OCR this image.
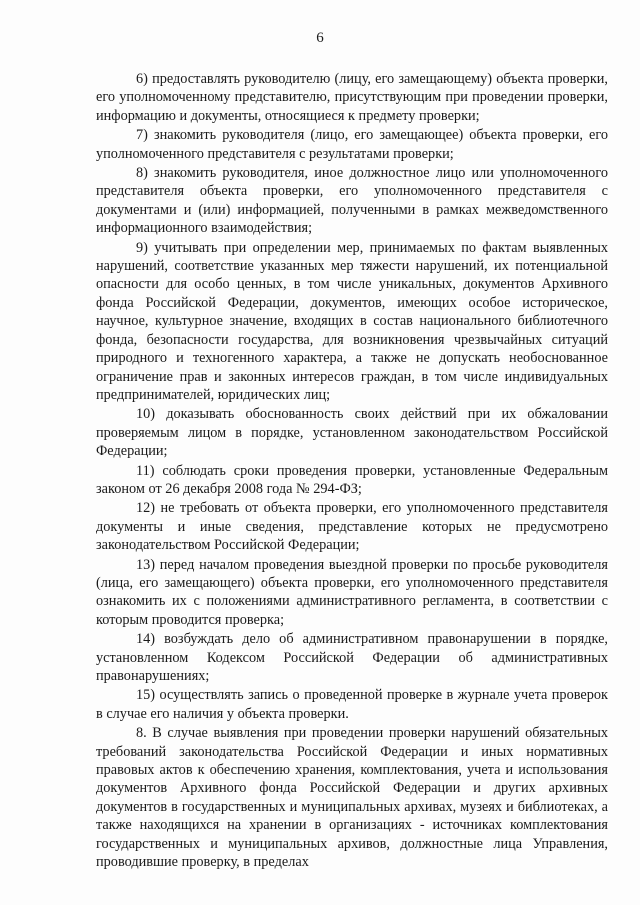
6

6) предоставлять руководителю (лицу, его замещающему) объекта проверки, его уполномоченному представителю, присутствующим при проведении проверки, информацию и документы, относящиеся к предмету проверки;

7) знакомить руководителя (лицо, его замещающее) объекта проверки, его уполномоченного представителя с результатами проверки;

8) знакомить руководителя, иное должностное лицо или уполномоченного представителя объекта проверки, его уполномоченного представителя с документами и (или) информацией, полученными в рамках межведомственного информационного взаимодействия;

9) учитывать при определении мер, принимаемых по фактам выявленных нарушений, соответствие указанных мер тяжести нарушений, их потенциальной опасности для особо ценных, в том числе уникальных, документов Архивного фонда Российской Федерации, документов, имеющих особое историческое, научное, культурное значение, входящих в состав национального библиотечного фонда, безопасности государства, для возникновения чрезвычайных ситуаций природного и техногенного характера, а также не допускать необоснованное ограничение прав и законных интересов граждан, в том числе индивидуальных предпринимателей, юридических лиц;

10) доказывать обоснованность своих действий при их обжаловании проверяемым лицом в порядке, установленном законодательством Российской Федерации;

11) соблюдать сроки проведения проверки, установленные Федеральным законом от 26 декабря 2008 года № 294-ФЗ;

12) не требовать от объекта проверки, его уполномоченного представителя документы и иные сведения, представление которых не предусмотрено законодательством Российской Федерации;

13) перед началом проведения выездной проверки по просьбе руководителя (лица, его замещающего) объекта проверки, его уполномоченного представителя ознакомить их с положениями административного регламента, в соответствии с которым проводится проверка;

14) возбуждать дело об административном правонарушении в порядке, установленном Кодексом Российской Федерации об административных правонарушениях;

15) осуществлять запись о проведенной проверке в журнале учета проверок в случае его наличия у объекта проверки.

8. В случае выявления при проведении проверки нарушений обязательных требований законодательства Российской Федерации и иных нормативных правовых актов к обеспечению хранения, комплектования, учета и использования документов Архивного фонда Российской Федерации и других архивных документов в государственных и муниципальных архивах, музеях и библиотеках, а также находящихся на хранении в организациях - источниках комплектования государственных и муниципальных архивов, должностные лица Управления, проводившие проверку, в пределах
